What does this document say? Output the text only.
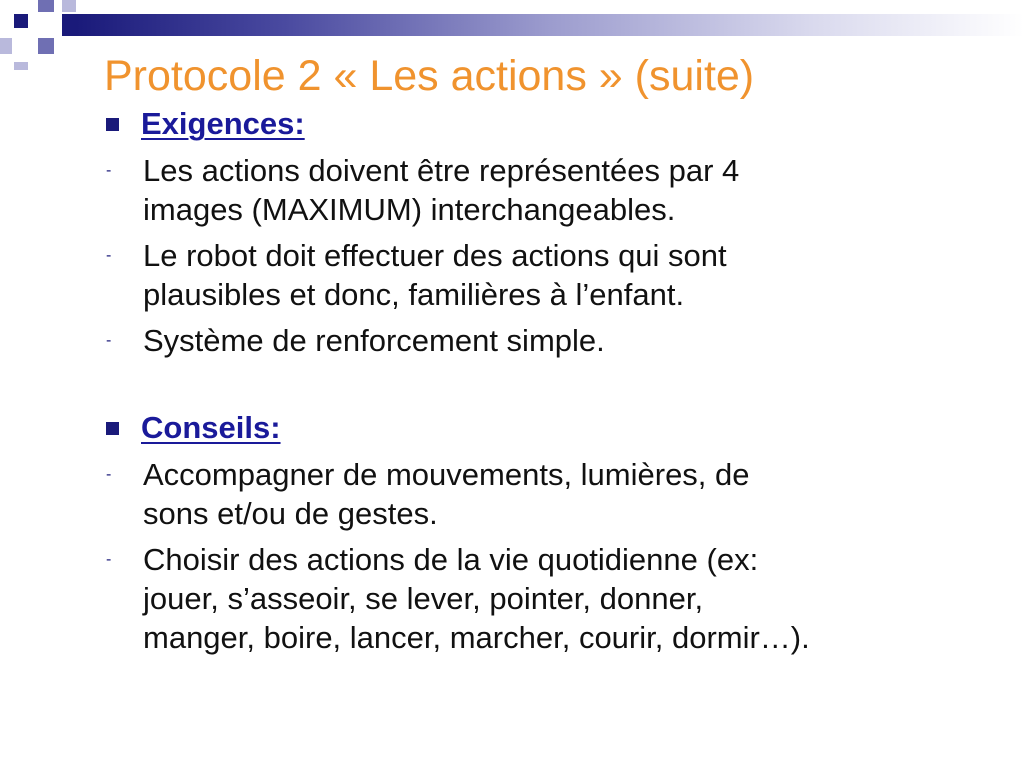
Protocole 2 « Les actions » (suite)
Exigences:
-	Les actions doivent être représentées par 4
images (MAXIMUM) interchangeables.
-	Le robot doit effectuer des actions qui sont
plausibles et donc, familières à l’enfant.
-	Système de renforcement simple.
Conseils:
-	Accompagner de mouvements, lumières, de
sons et/ou de gestes.
-	Choisir des actions de la vie quotidienne (ex:
jouer, s’asseoir, se lever, pointer, donner,
manger, boire, lancer, marcher, courir, dormir…).
